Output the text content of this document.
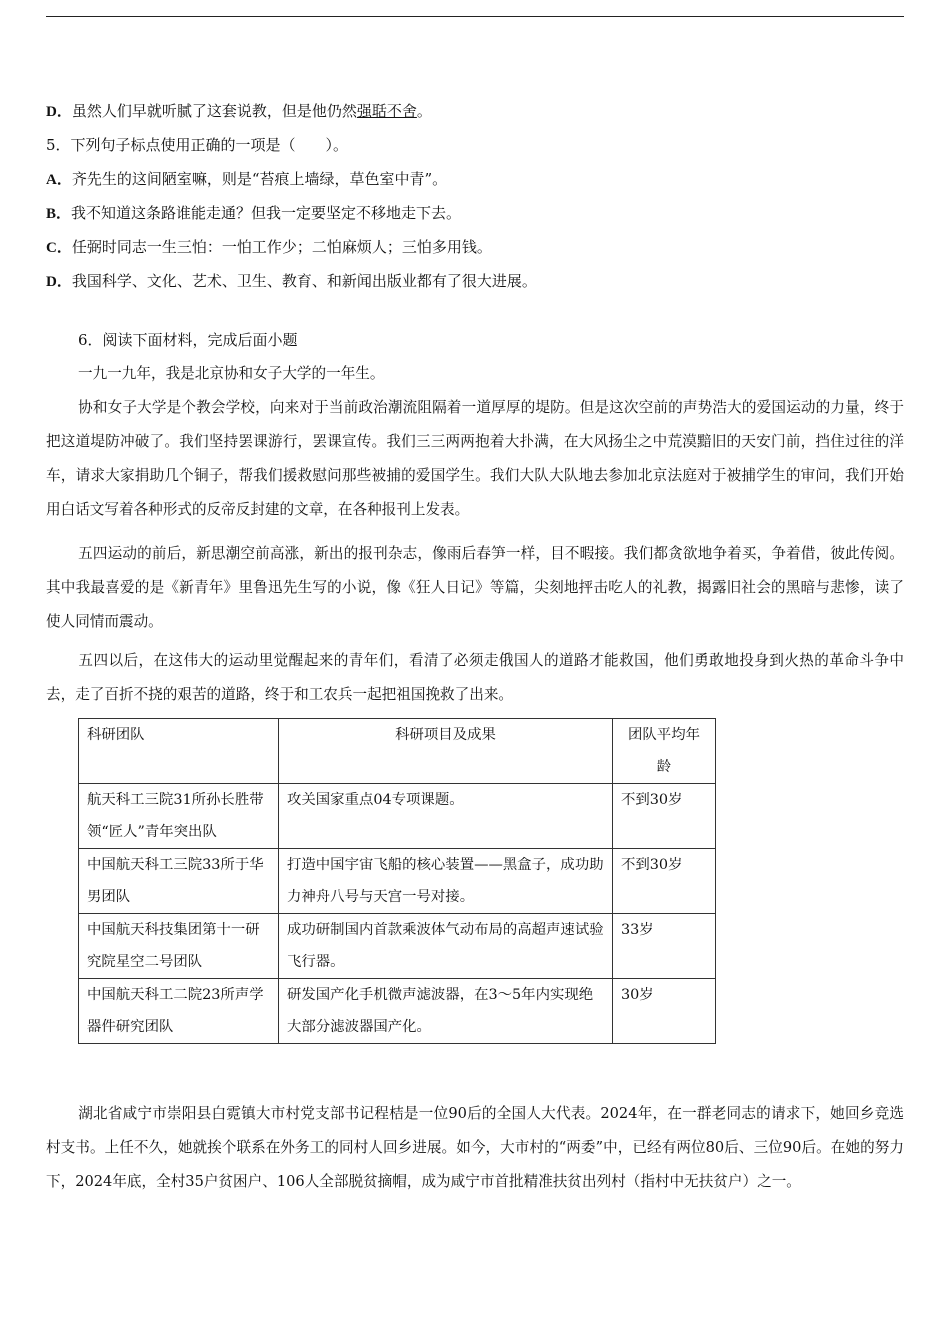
D．虽然人们早就听腻了这套说教，但是他仍然强聒不舍。
5．下列句子标点使用正确的一项是（　　）。
A．齐先生的这间陋室嘛，则是“苔痕上墙绿，草色室中青”。
B．我不知道这条路谁能走通？但我一定要坚定不移地走下去。
C．任弼时同志一生三怕：一怕工作少；二怕麻烦人；三怕多用钱。
D．我国科学、文化、艺术、卫生、教育、和新闻出版业都有了很大进展。
6．阅读下面材料，完成后面小题
一九一九年，我是北京协和女子大学的一年生。
协和女子大学是个教会学校，向来对于当前政治潮流阻隔着一道厚厚的堤防。但是这次空前的声势浩大的爱国运动的力量，终于把这道堤防冲破了。我们坚持罢课游行，罢课宣传。我们三三两两抱着大扑满，在大风扬尘之中荒漠黯旧的天安门前，挡住过往的洋车，请求大家捐助几个铜子，帮我们援救慰问那些被捕的爱国学生。我们大队大队地去参加北京法庭对于被捕学生的审问，我们开始用白话文写着各种形式的反帝反封建的文章，在各种报刊上发表。
五四运动的前后，新思潮空前高涨，新出的报刊杂志，像雨后春笋一样，目不暇接。我们都贪欲地争着买，争着借，彼此传阅。其中我最喜爱的是《新青年》里鲁迅先生写的小说，像《狂人日记》等篇，尖刻地抨击吃人的礼教，揭露旧社会的黑暗与悲惨，读了使人同情而震动。
五四以后，在这伟大的运动里觉醒起来的青年们，看清了必须走俄国人的道路才能救国，他们勇敢地投身到火热的革命斗争中去，走了百折不挠的艰苦的道路，终于和工农兵一起把祖国挽救了出来。
科研团队	科研项目及成果	团队平均年龄
航天科工三院31所孙长胜带领“匠人”青年突出队	攻关国家重点04专项课题。	不到30岁
中国航天科工三院33所于华男团队	打造中国宇宙飞船的核心装置——黑盒子，成功助力神舟八号与天宫一号对接。	不到30岁
中国航天科技集团第十一研究院星空二号团队	成功研制国内首款乘波体气动布局的高超声速试验飞行器。	33岁
中国航天科工二院23所声学器件研究团队	研发国产化手机微声滤波器，在3～5年内实现绝大部分滤波器国产化。	30岁
湖北省咸宁市崇阳县白霓镇大市村党支部书记程桔是一位90后的全国人大代表。2024年，在一群老同志的请求下，她回乡竞选村支书。上任不久，她就挨个联系在外务工的同村人回乡进展。如今，大市村的“两委”中，已经有两位80后、三位90后。在她的努力下，2024年底，全村35户贫困户、106人全部脱贫摘帽，成为咸宁市首批精准扶贫出列村（指村中无扶贫户）之一。
